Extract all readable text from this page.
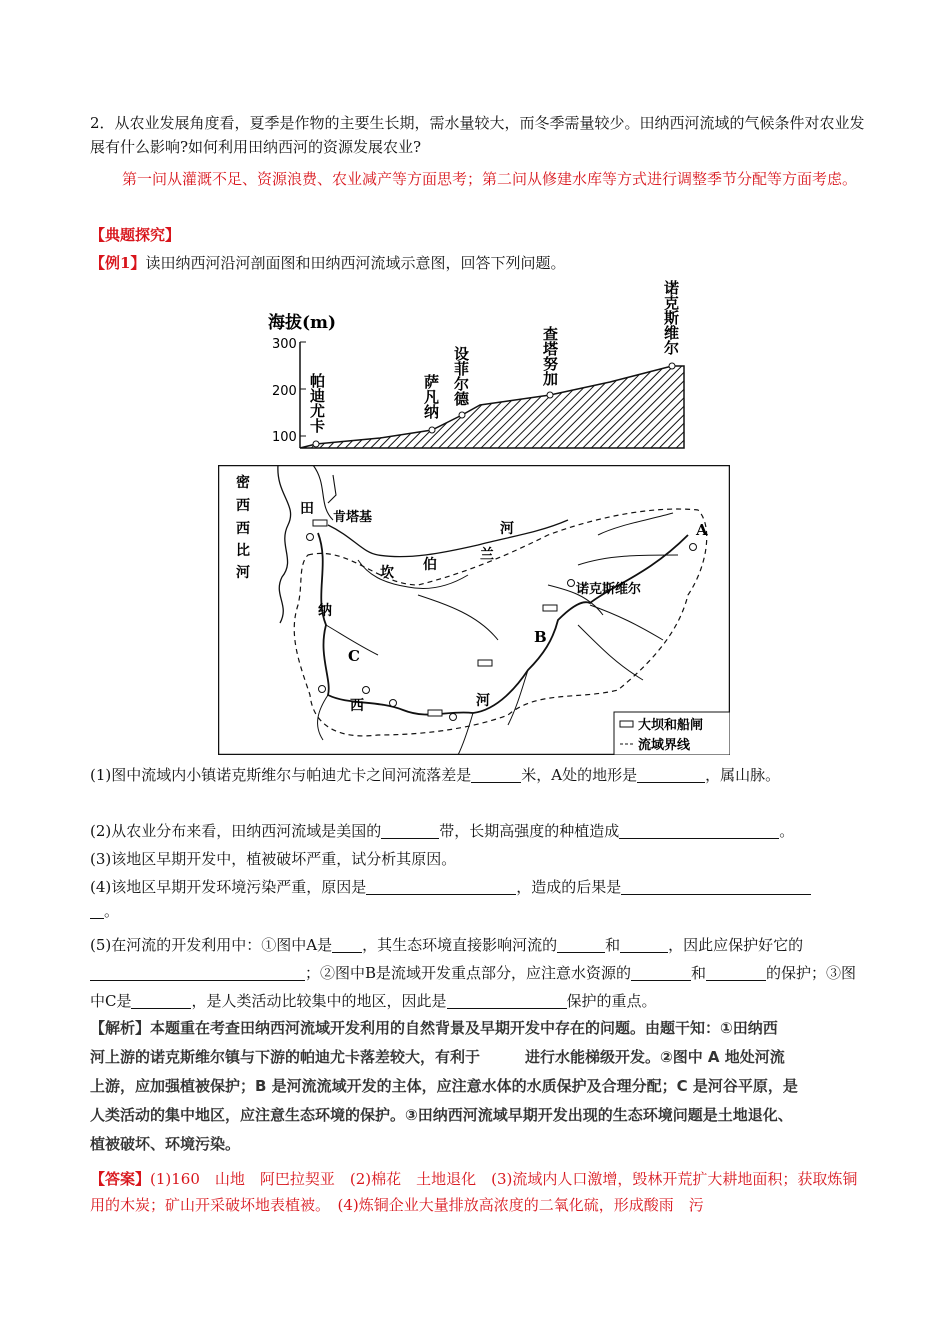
2．从农业发展角度看，夏季是作物的主要生长期，需水量较大，而冬季需量较少。田纳西河流域的气候条件对农业发展有什么影响?如何利用田纳西河的资源发展农业?

第一问从灌溉不足、资源浪费、农业减产等方面思考；第二问从修建水库等方式进行调整季节分配等方面考虑。

【典题探究】

【例1】读田纳西河沿河剖面图和田纳西河流域示意图，回答下列问题。

海拔(m)
300
200
100
帕迪尤卡	萨凡纳 设菲尔德	查塔努加
诺克斯维尔
密
西
西
比
河
田
肯塔基
河
坎 伯
兰
纳
西	河
诺克斯维尔
A
B
C
大坝和船闸
流域界线

(1)图中流域内小镇诺克斯维尔与帕迪尤卡之间河流落差是	米，A处的地形是	，属山脉。

(2)从农业分布来看，田纳西河流域是美国的	带，长期高强度的种植造成	。

(3)该地区早期开发中，植被破坏严重，试分析其原因。

(4)该地区早期开发环境污染严重，原因是	，造成的后果是
。

(5)在河流的开发利用中：①图中A是 ，其生态环境直接影响河流的	和	，因此应保护好它的；②图中B是流域开发重点部分，应注意水资源的	和	的保护；③图中C是	，是人类活动比较集中的地区，因此是	保护的重点。

【解析】本题重在考查田纳西河流域开发利用的自然背景及早期开发中存在的问题。由题干知：①田纳西
河上游的诺克斯维尔镇与下游的帕迪尤卡落差较大，有利于　　　进行水能梯级开发。②图中 A 地处河流
上游，应加强植被保护；B 是河流流域开发的主体，应注意水体的水质保护及合理分配；C 是河谷平原，是
人类活动的集中地区，应注意生态环境的保护。③田纳西河流域早期开发出现的生态环境问题是土地退化、
植被破坏、环境污染。

【答案】(1)160　山地　阿巴拉契亚　(2)棉花　土地退化　(3)流域内人口激增，毁林开荒扩大耕地面积；获取炼铜用的木炭；矿山开采破坏地表植被。　(4)炼铜企业大量排放高浓度的二氧化硫，形成酸雨　污
